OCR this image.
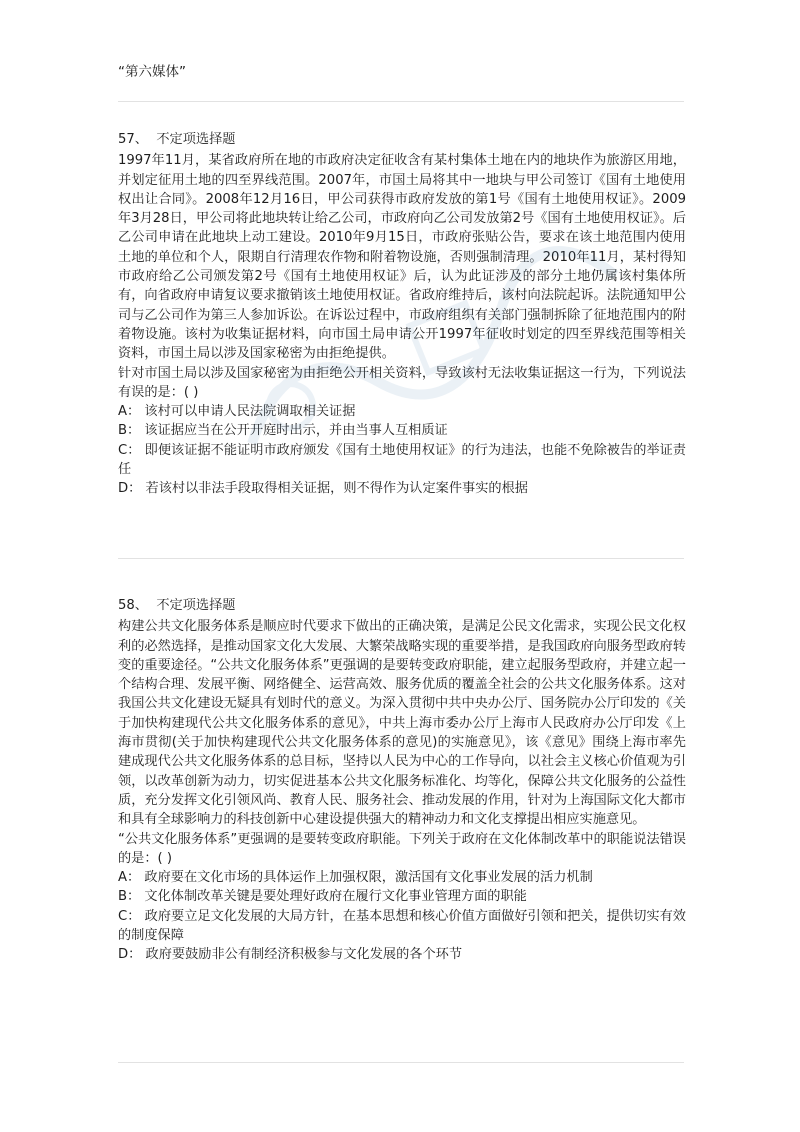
“第六媒体”
57、 不定项选择题
1997年11月，某省政府所在地的市政府决定征收含有某村集体土地在内的地块作为旅游区用地，并划定征用土地的四至界线范围。2007年，市国土局将其中一地块与甲公司签订《国有土地使用权出让合同》。2008年12月16日，甲公司获得市政府发放的第1号《国有土地使用权证》。2009年3月28日，甲公司将此地块转让给乙公司，市政府向乙公司发放第2号《国有土地使用权证》。后乙公司申请在此地块上动工建设。2010年9月15日，市政府张贴公告，要求在该土地范围内使用土地的单位和个人，限期自行清理农作物和附着物设施，否则强制清理。2010年11月，某村得知市政府给乙公司颁发第2号《国有土地使用权证》后，认为此证涉及的部分土地仍属该村集体所有，向省政府申请复议要求撤销该土地使用权证。省政府维持后，该村向法院起诉。法院通知甲公司与乙公司作为第三人参加诉讼。在诉讼过程中，市政府组织有关部门强制拆除了征地范围内的附着物设施。该村为收集证据材料，向市国土局申请公开1997年征收时划定的四至界线范围等相关资料，市国土局以涉及国家秘密为由拒绝提供。
针对市国土局以涉及国家秘密为由拒绝公开相关资料，导致该村无法收集证据这一行为，下列说法有误的是：( )
A： 该村可以申请人民法院调取相关证据
B： 该证据应当在公开开庭时出示，并由当事人互相质证
C： 即便该证据不能证明市政府颁发《国有土地使用权证》的行为违法，也能不免除被告的举证责任
D： 若该村以非法手段取得相关证据，则不得作为认定案件事实的根据
58、 不定项选择题
构建公共文化服务体系是顺应时代要求下做出的正确决策，是满足公民文化需求，实现公民文化权利的必然选择，是推动国家文化大发展、大繁荣战略实现的重要举措，是我国政府向服务型政府转变的重要途径。“公共文化服务体系”更强调的是要转变政府职能，建立起服务型政府，并建立起一个结构合理、发展平衡、网络健全、运营高效、服务优质的覆盖全社会的公共文化服务体系。这对我国公共文化建设无疑具有划时代的意义。为深入贯彻中共中央办公厅、国务院办公厅印发的《关于加快构建现代公共文化服务体系的意见》，中共上海市委办公厅上海市人民政府办公厅印发《上海市贯彻(关于加快构建现代公共文化服务体系的意见)的实施意见》，该《意见》围绕上海市率先建成现代公共文化服务体系的总目标，坚持以人民为中心的工作导向，以社会主义核心价值观为引领，以改革创新为动力，切实促进基本公共文化服务标准化、均等化，保障公共文化服务的公益性质，充分发挥文化引领风尚、教育人民、服务社会、推动发展的作用，针对为上海国际文化大都市和具有全球影响力的科技创新中心建设提供强大的精神动力和文化支撑提出相应实施意见。
“公共文化服务体系”更强调的是要转变政府职能。下列关于政府在文化体制改革中的职能说法错误的是：( )
A： 政府要在文化市场的具体运作上加强权限，激活国有文化事业发展的活力机制
B： 文化体制改革关键是要处理好政府在履行文化事业管理方面的职能
C： 政府要立足文化发展的大局方针，在基本思想和核心价值方面做好引领和把关，提供切实有效的制度保障
D： 政府要鼓励非公有制经济积极参与文化发展的各个环节
